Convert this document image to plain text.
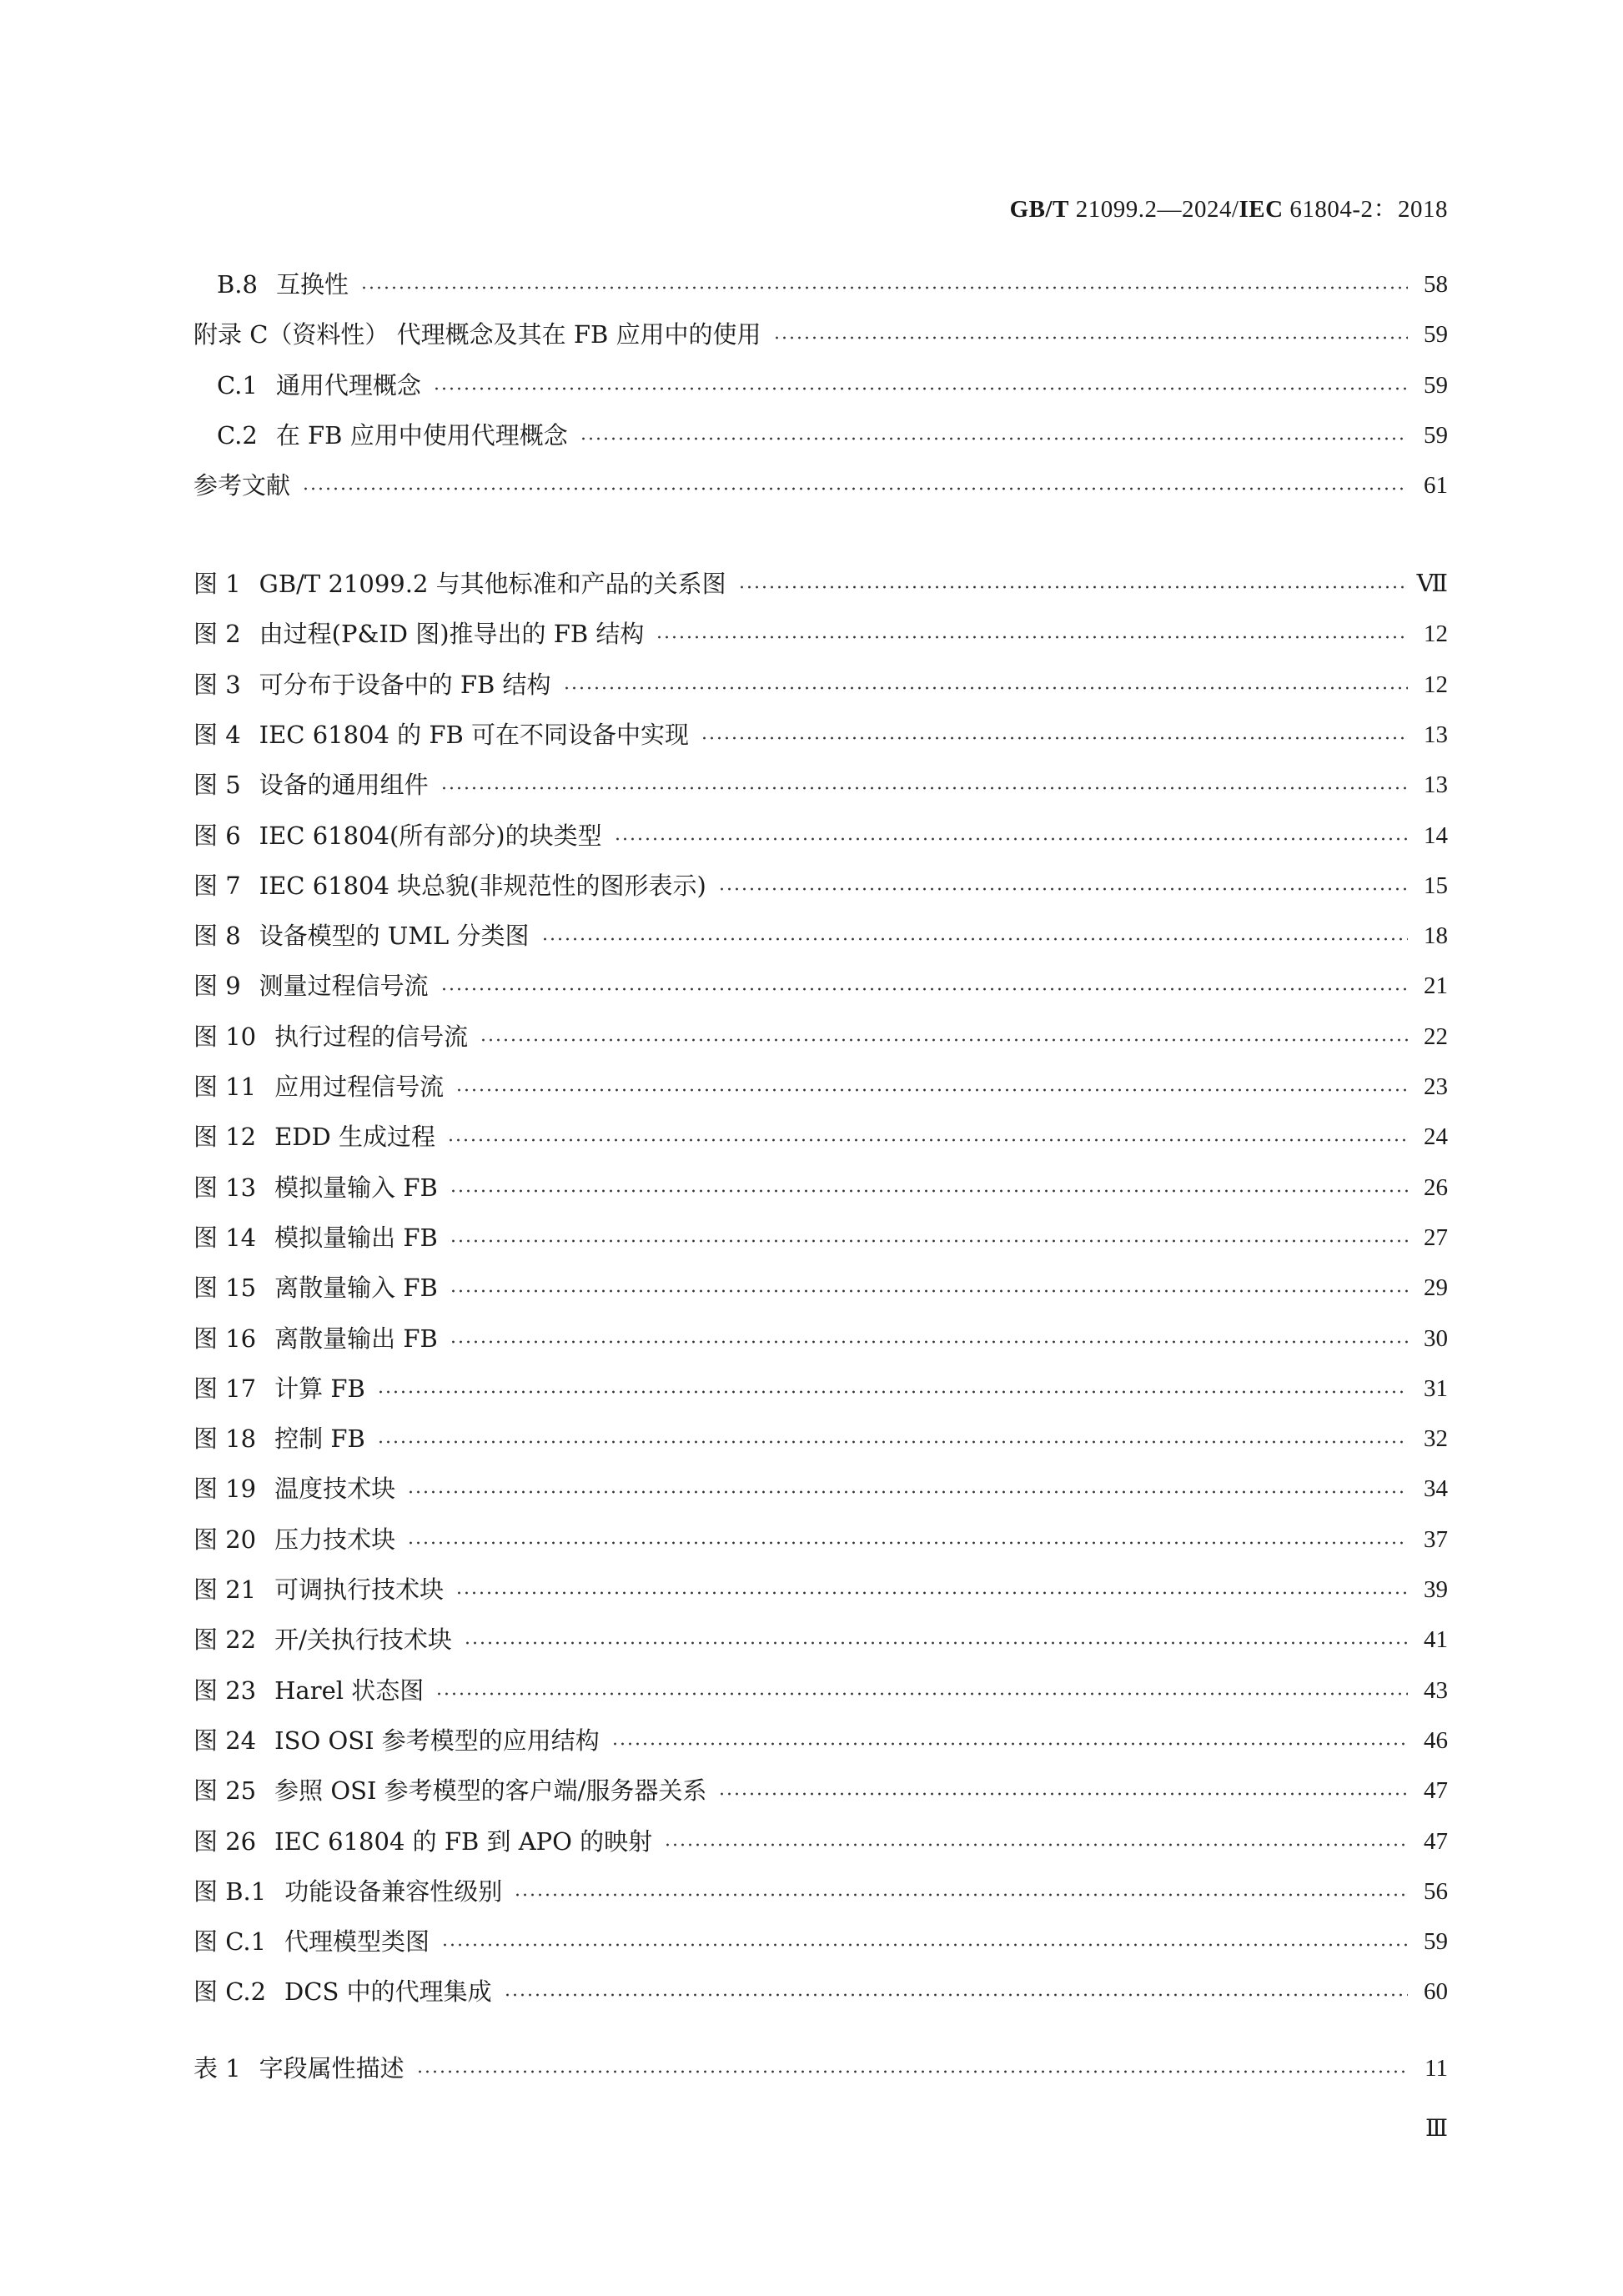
GB/T 21099.2—2024/IEC 61804-2：2018
B.8 互换性	58
附录 C（资料性） 代理概念及其在 FB 应用中的使用	59
C.1 通用代理概念	59
C.2 在 FB 应用中使用代理概念	59
参考文献	61
图 1 GB/T 21099.2 与其他标准和产品的关系图	Ⅶ
图 2 由过程(P&ID 图)推导出的 FB 结构	12
图 3 可分布于设备中的 FB 结构	12
图 4 IEC 61804 的 FB 可在不同设备中实现	13
图 5 设备的通用组件	13
图 6 IEC 61804(所有部分)的块类型	14
图 7 IEC 61804 块总貌(非规范性的图形表示)	15
图 8 设备模型的 UML 分类图	18
图 9 测量过程信号流	21
图 10 执行过程的信号流	22
图 11 应用过程信号流	23
图 12 EDD 生成过程	24
图 13 模拟量输入 FB	26
图 14 模拟量输出 FB	27
图 15 离散量输入 FB	29
图 16 离散量输出 FB	30
图 17 计算 FB	31
图 18 控制 FB	32
图 19 温度技术块	34
图 20 压力技术块	37
图 21 可调执行技术块	39
图 22 开/关执行技术块	41
图 23 Harel 状态图	43
图 24 ISO OSI 参考模型的应用结构	46
图 25 参照 OSI 参考模型的客户端/服务器关系	47
图 26 IEC 61804 的 FB 到 APO 的映射	47
图 B.1 功能设备兼容性级别	56
图 C.1 代理模型类图	59
图 C.2 DCS 中的代理集成	60
表 1 字段属性描述	11
Ⅲ
